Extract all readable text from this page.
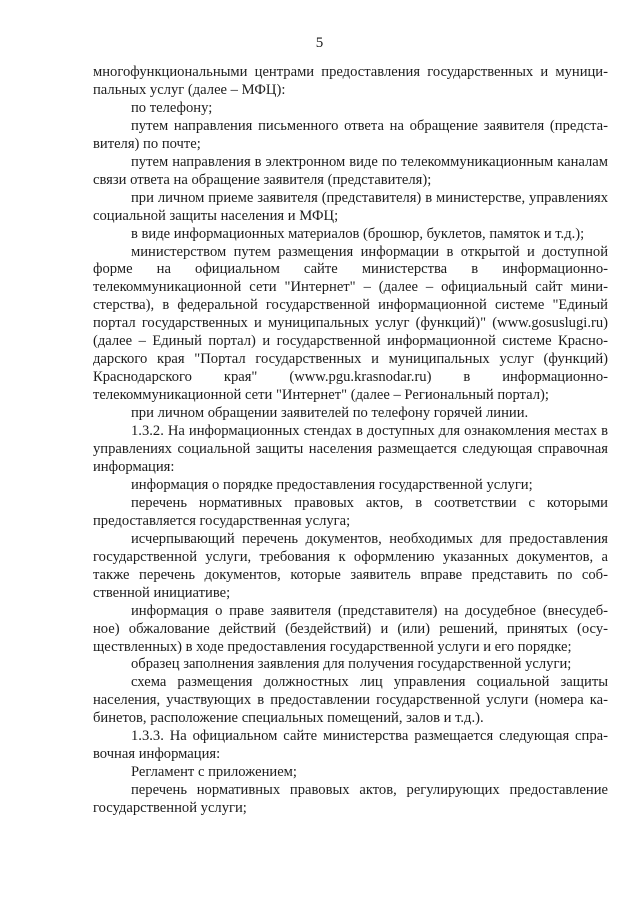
5

многофункциональными центрами предоставления государственных и муниципальных услуг (далее – МФЦ):

по телефону;

путем направления письменного ответа на обращение заявителя (представителя) по почте;

путем направления в электронном виде по телекоммуникационным каналам связи ответа на обращение заявителя (представителя);

при личном приеме заявителя (представителя) в министерстве, управлениях социальной защиты населения и МФЦ;

в виде информационных материалов (брошюр, буклетов, памяток и т.д.);

министерством путем размещения информации в открытой и доступной форме на официальном сайте министерства в информационно-телекоммуникационной сети "Интернет" – (далее – официальный сайт министерства), в федеральной государственной информационной системе "Единый портал государственных и муниципальных услуг (функций)" (www.gosuslugi.ru) (далее – Единый портал) и государственной информационной системе Краснодарского края "Портал государственных и муниципальных услуг (функций) Краснодарского края" (www.pgu.krasnodar.ru) в информационно-телекоммуникационной сети "Интернет" (далее – Региональный портал);

при личном обращении заявителей по телефону горячей линии.

1.3.2. На информационных стендах в доступных для ознакомления местах в управлениях социальной защиты населения размещается следующая справочная информация:

информация о порядке предоставления государственной услуги;

перечень нормативных правовых актов, в соответствии с которыми предоставляется государственная услуга;

исчерпывающий перечень документов, необходимых для предоставления государственной услуги, требования к оформлению указанных документов, а также перечень документов, которые заявитель вправе представить по собственной инициативе;

информация о праве заявителя (представителя) на досудебное (внесудебное) обжалование действий (бездействий) и (или) решений, принятых (осуществленных) в ходе предоставления государственной услуги и его порядке;

образец заполнения заявления для получения государственной услуги;

схема размещения должностных лиц управления социальной защиты населения, участвующих в предоставлении государственной услуги (номера кабинетов, расположение специальных помещений, залов и т.д.).

1.3.3. На официальном сайте министерства размещается следующая справочная информация:

Регламент с приложением;

перечень нормативных правовых актов, регулирующих предоставление государственной услуги;
